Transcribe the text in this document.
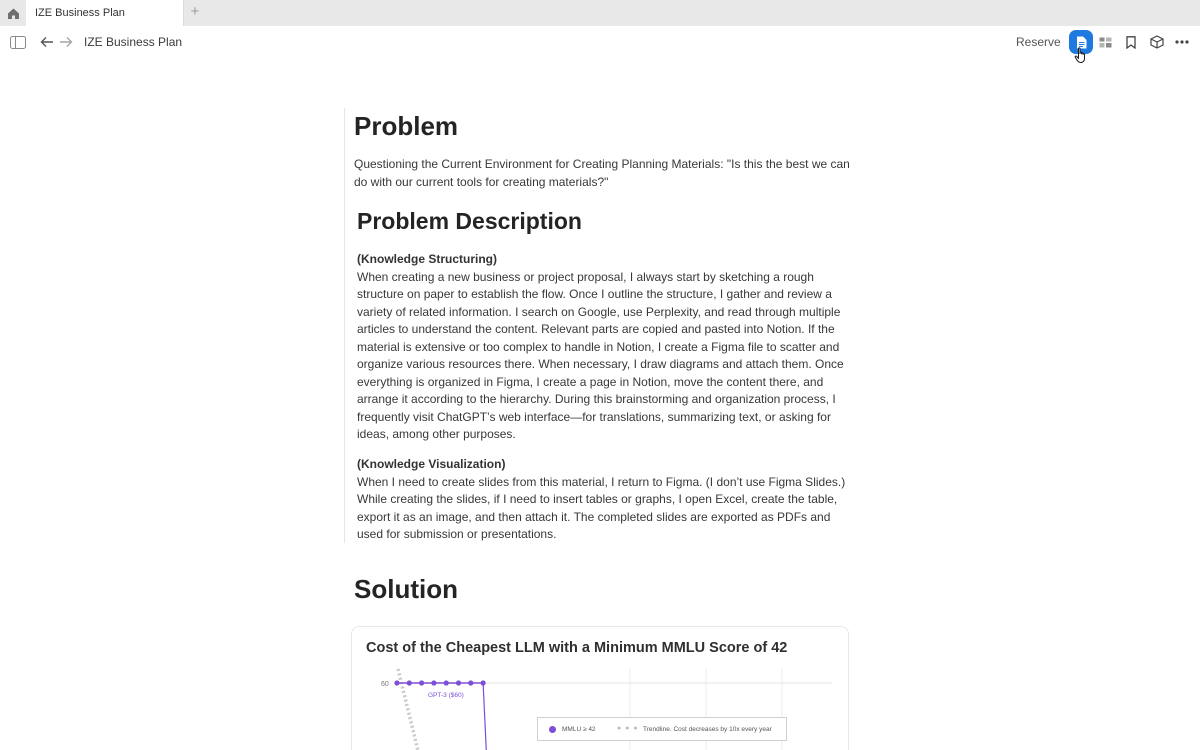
IZE Business Plan	+
IZE Business Plan	Reserve
Problem

Questioning the Current Environment for Creating Planning Materials: "Is this the best we can do with our current tools for creating materials?"

Problem Description
(Knowledge Structuring)
When creating a new business or project proposal, I always start by sketching a rough structure on paper to establish the flow. Once I outline the structure, I gather and review a variety of related information. I search on Google, use Perplexity, and read through multiple articles to understand the content. Relevant parts are copied and pasted into Notion. If the material is extensive or too complex to handle in Notion, I create a Figma file to scatter and organize various resources there. When necessary, I draw diagrams and attach them. Once everything is organized in Figma, I create a page in Notion, move the content there, and arrange it according to the hierarchy. During this brainstorming and organization process, I frequently visit ChatGPT’s web interface—for translations, summarizing text, or asking for ideas, among other purposes.
(Knowledge Visualization)
When I need to create slides from this material, I return to Figma. (I don’t use Figma Slides.) While creating the slides, if I need to insert tables or graphs, I open Excel, create the table, export it as an image, and then attach it. The completed slides are exported as PDFs and used for submission or presentations.
Solution
Cost of the Cheapest LLM with a Minimum MMLU Score of 42
60
GPT-3 ($60)
MMLU ≥ 42	● ● ● Trendline. Cost decreases by 10x every year
